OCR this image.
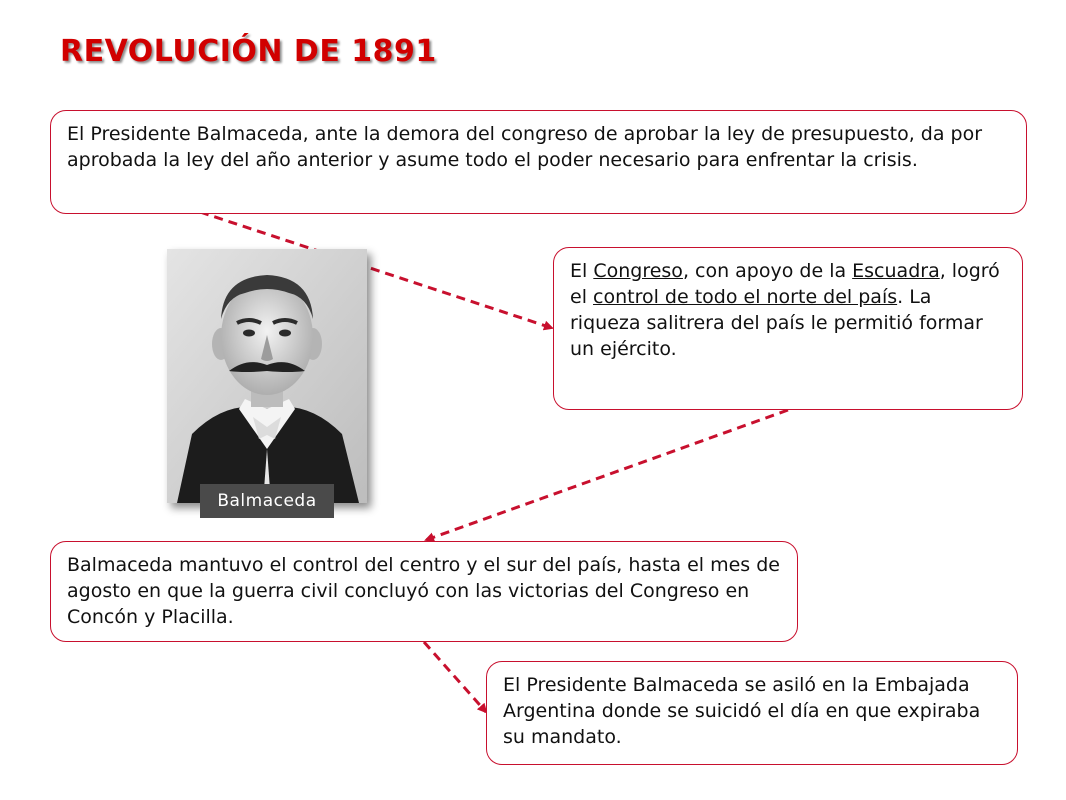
REVOLUCIÓN DE 1891
El Presidente Balmaceda, ante la demora del congreso de aprobar la ley de presupuesto, da por aprobada la ley del año anterior y asume todo el poder necesario para enfrentar la crisis.
Balmaceda
El Congreso, con apoyo de la Escuadra, logró el control de todo el norte del país. La riqueza salitrera del país le permitió formar un ejército.
Balmaceda mantuvo el control del centro y el sur del país, hasta el mes de agosto en que la guerra civil concluyó con las victorias del Congreso en Concón y Placilla.
El Presidente Balmaceda se asiló en la Embajada Argentina donde se suicidó el día en que expiraba su mandato.
